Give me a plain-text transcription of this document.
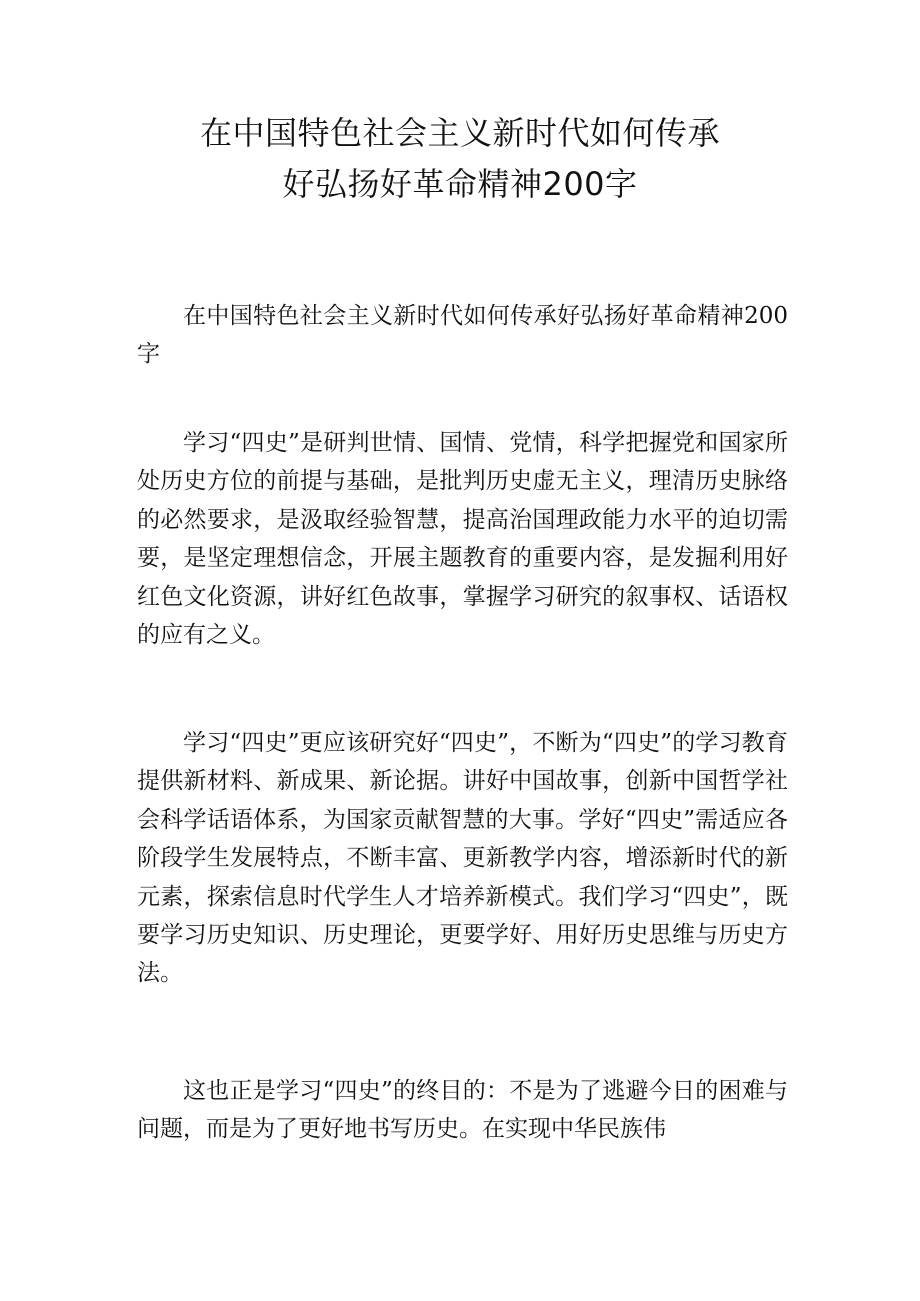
在中国特色社会主义新时代如何传承
好弘扬好革命精神200字

在中国特色社会主义新时代如何传承好弘扬好革命精神200字

学习“四史”是研判世情、国情、党情，科学把握党和国家所处历史方位的前提与基础，是批判历史虚无主义，理清历史脉络的必然要求，是汲取经验智慧，提高治国理政能力水平的迫切需要，是坚定理想信念，开展主题教育的重要内容，是发掘利用好红色文化资源，讲好红色故事，掌握学习研究的叙事权、话语权的应有之义。

学习“四史”更应该研究好“四史”，不断为“四史”的学习教育提供新材料、新成果、新论据。讲好中国故事，创新中国哲学社会科学话语体系，为国家贡献智慧的大事。学好“四史”需适应各阶段学生发展特点，不断丰富、更新教学内容，增添新时代的新元素，探索信息时代学生人才培养新模式。我们学习“四史”，既要学习历史知识、历史理论，更要学好、用好历史思维与历史方法。

这也正是学习“四史”的终目的：不是为了逃避今日的困难与问题，而是为了更好地书写历史。在实现中华民族伟
